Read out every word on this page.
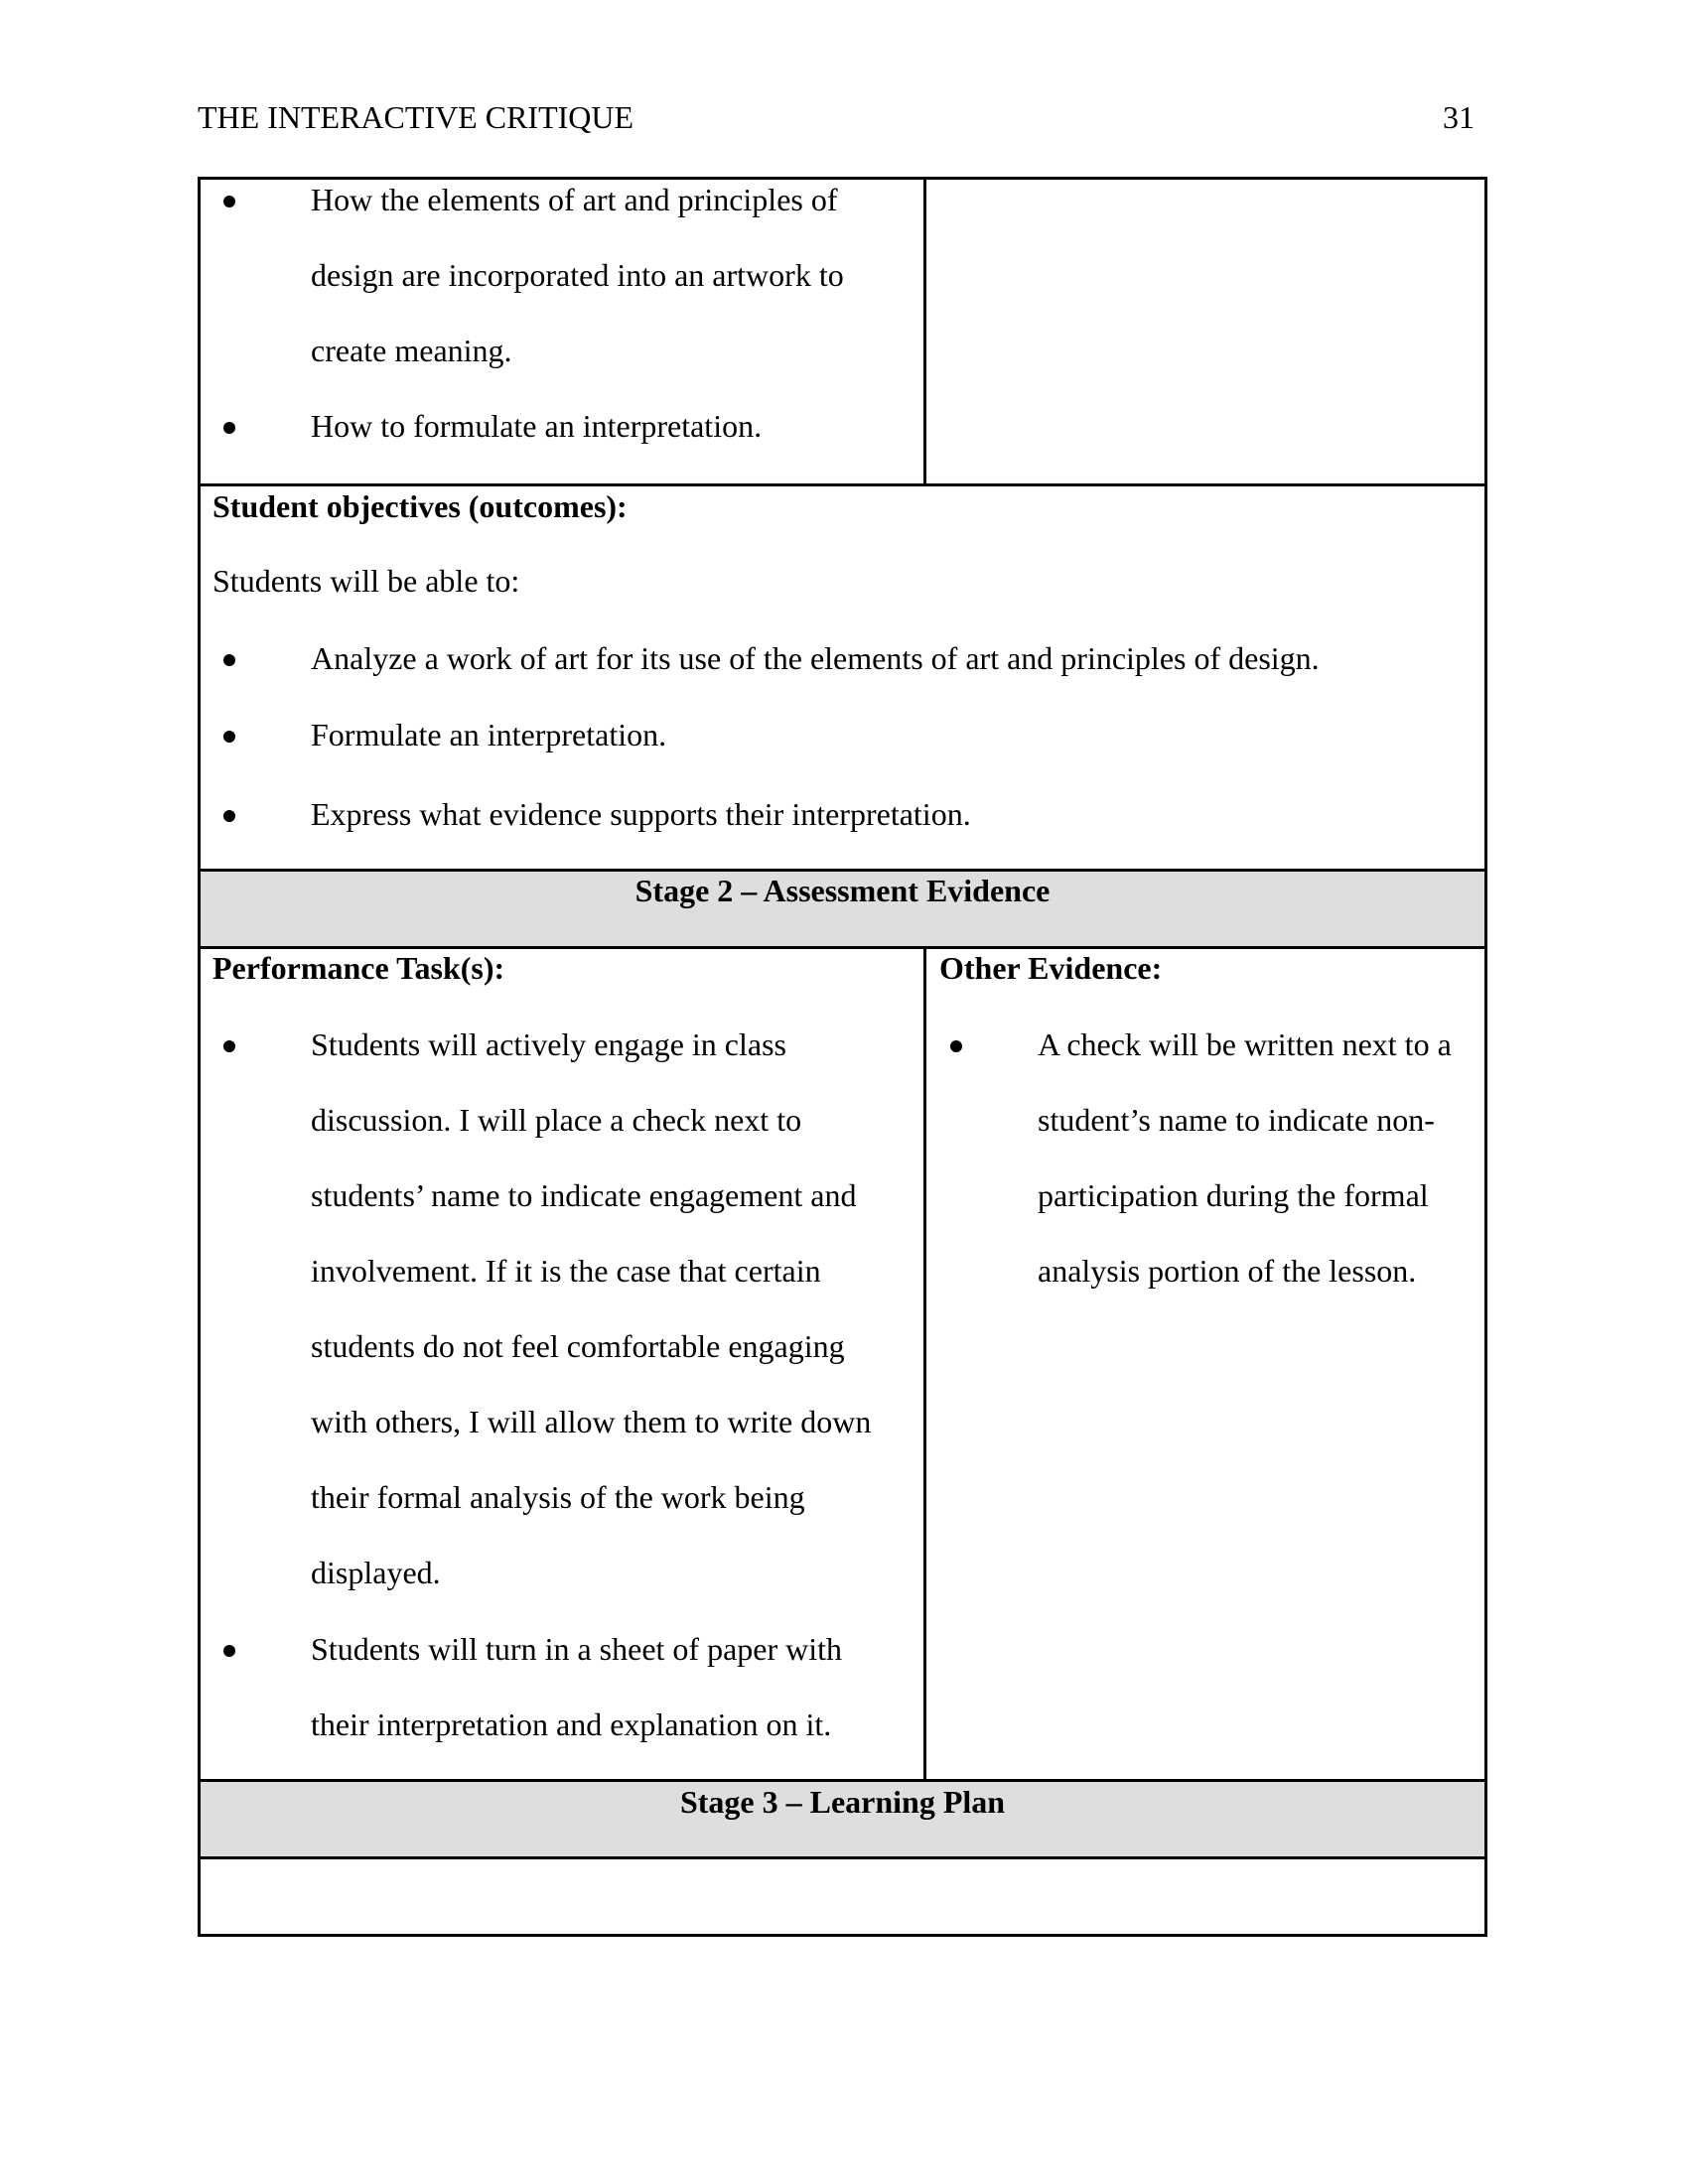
THE INTERACTIVE CRITIQUE	31
How the elements of art and principles of design are incorporated into an artwork to create meaning.
How to formulate an interpretation.
Student objectives (outcomes):
Students will be able to:
Analyze a work of art for its use of the elements of art and principles of design.
Formulate an interpretation.
Express what evidence supports their interpretation.
Stage 2 – Assessment Evidence
Performance Task(s):
Students will actively engage in class discussion. I will place a check next to students’ name to indicate engagement and involvement. If it is the case that certain students do not feel comfortable engaging with others, I will allow them to write down their formal analysis of the work being displayed.
Students will turn in a sheet of paper with their interpretation and explanation on it.
Other Evidence:
A check will be written next to a student’s name to indicate non-participation during the formal analysis portion of the lesson.
Stage 3 – Learning Plan
